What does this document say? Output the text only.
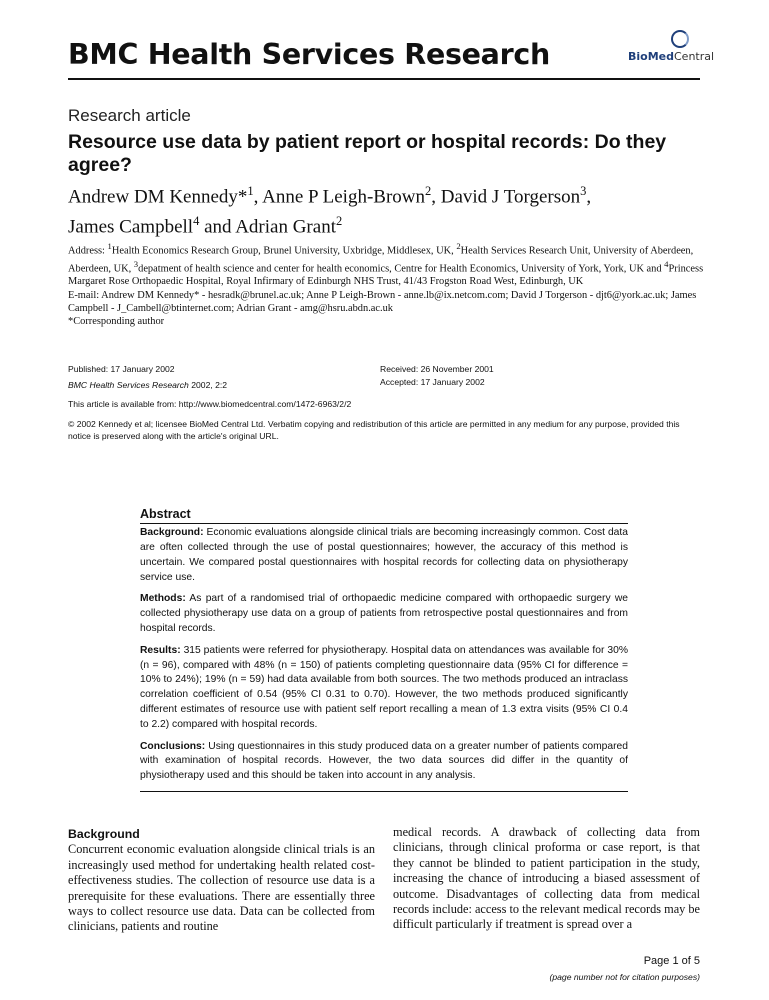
BMC Health Services Research	BioMedCentral
Research article
Resource use data by patient report or hospital records: Do they agree?
Andrew DM Kennedy*$^1$, Anne P Leigh-Brown$^2$, David J Torgerson$^3$,
James Campbell$^4$ and Adrian Grant$^2$
Address: $^1$Health Economics Research Group, Brunel University, Uxbridge, Middlesex, UK, $^2$Health Services Research Unit, University of Aberdeen, Aberdeen, UK, $^3$depatment of health science and center for health economics, Centre for Health Economics, University of York, York, UK and $^4$Princess Margaret Rose Orthopaedic Hospital, Royal Infirmary of Edinburgh NHS Trust, 41/43 Frogston Road West, Edinburgh, UK
E-mail: Andrew DM Kennedy* - hesradk@brunel.ac.uk; Anne P Leigh-Brown - anne.lb@ix.netcom.com; David J Torgerson - djt6@york.ac.uk; James Campbell - J_Cambell@btinternet.com; Adrian Grant - amg@hsru.abdn.ac.uk
*Corresponding author
Published: 17 January 2002
BMC Health Services Research 2002, 2:2
Received: 26 November 2001
Accepted: 17 January 2002
This article is available from: http://www.biomedcentral.com/1472-6963/2/2
© 2002 Kennedy et al; licensee BioMed Central Ltd. Verbatim copying and redistribution of this article are permitted in any medium for any purpose, provided this notice is preserved along with the article's original URL.
Abstract

Background: Economic evaluations alongside clinical trials are becoming increasingly common. Cost data are often collected through the use of postal questionnaires; however, the accuracy of this method is uncertain. We compared postal questionnaires with hospital records for collecting data on physiotherapy service use.

Methods: As part of a randomised trial of orthopaedic medicine compared with orthopaedic surgery we collected physiotherapy use data on a group of patients from retrospective postal questionnaires and from hospital records.

Results: 315 patients were referred for physiotherapy. Hospital data on attendances was available for 30% (n = 96), compared with 48% (n = 150) of patients completing questionnaire data (95% CI for difference = 10% to 24%); 19% (n = 59) had data available from both sources. The two methods produced an intraclass correlation coefficient of 0.54 (95% CI 0.31 to 0.70). However, the two methods produced significantly different estimates of resource use with patient self report recalling a mean of 1.3 extra visits (95% CI 0.4 to 2.2) compared with hospital records.

Conclusions: Using questionnaires in this study produced data on a greater number of patients compared with examination of hospital records. However, the two data sources did differ in the quantity of physiotherapy used and this should be taken into account in any analysis.

Background
Concurrent economic evaluation alongside clinical trials is an increasingly used method for undertaking health related cost-effectiveness studies. The collection of resource use data is a prerequisite for these evaluations. There are essentially three ways to collect resource use data. Data can be collected from clinicians, patients and routine
medical records. A drawback of collecting data from clinicians, through clinical proforma or case report, is that they cannot be blinded to patient participation in the study, increasing the chance of introducing a biased assessment of outcome. Disadvantages of collecting data from medical records include: access to the relevant medical records may be difficult particularly if treatment is spread over a
Page 1 of 5
(page number not for citation purposes)
